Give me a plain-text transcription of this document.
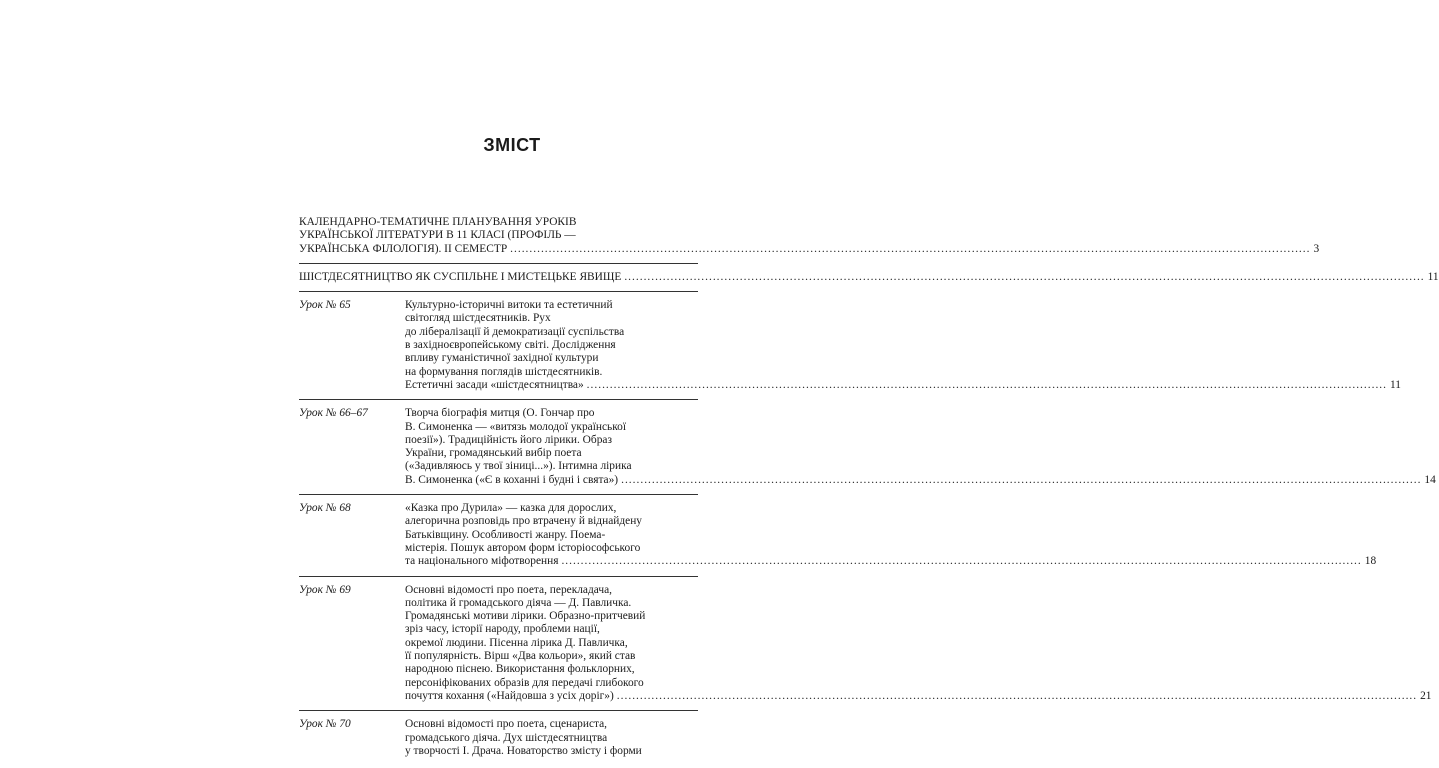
ЗМІСТ
КАЛЕНДАРНО-ТЕМАТИЧНЕ ПЛАНУВАННЯ УРОКІВ
УКРАЇНСЬКОЇ ЛІТЕРАТУРИ В 11 КЛАСІ (ПРОФІЛЬ —
УКРАЇНСЬКА ФІЛОЛОГІЯ). ІІ СЕМЕСТР .....	3
ШІСТДЕСЯТНИЦТВО ЯК СУСПІЛЬНЕ І МИСТЕЦЬКЕ ЯВИЩЕ .....	11
Урок № 65	Культурно-історичні витоки та естетичний
світогляд шістдесятників. Рух
до лібералізації й демократизації суспільства
в західноєвропейському світі. Дослідження
впливу гуманістичної західної культури
на формування поглядів шістдесятників.
Естетичні засади «шістдесятництва» .....	11
Урок № 66–67	Творча біографія митця (О. Гончар про
В. Симоненка — «витязь молодої української
поезії»). Традиційність його лірики. Образ
України, громадянський вибір поета
(«Задивляюсь у твої зіниці...»). Інтимна лірика
В. Симоненка («Є в коханні і будні і свята») .....	14
Урок № 68	«Казка про Дурила» — казка для дорослих,
алегорична розповідь про втрачену й віднайдену
Батьківщину. Особливості жанру. Поема-
містерія. Пошук автором форм історіософського
та національного міфотворення .....	18
Урок № 69	Основні відомості про поета, перекладача,
політика й громадського діяча — Д. Павличка.
Громадянські мотиви лірики. Образно-притчевий
зріз часу, історії народу, проблеми нації,
окремої людини. Пісенна лірика Д. Павличка,
її популярність. Вірш «Два кольори», який став
народною піснею. Використання фольклорних,
персоніфікованих образів для передачі глибокого
почуття кохання («Найдовша з усіх доріг») .....	21
Урок № 70	Основні відомості про поета, сценариста,
громадського діяча. Дух шістдесятництва
у творчості І. Драча. Новаторство змісту і форми
